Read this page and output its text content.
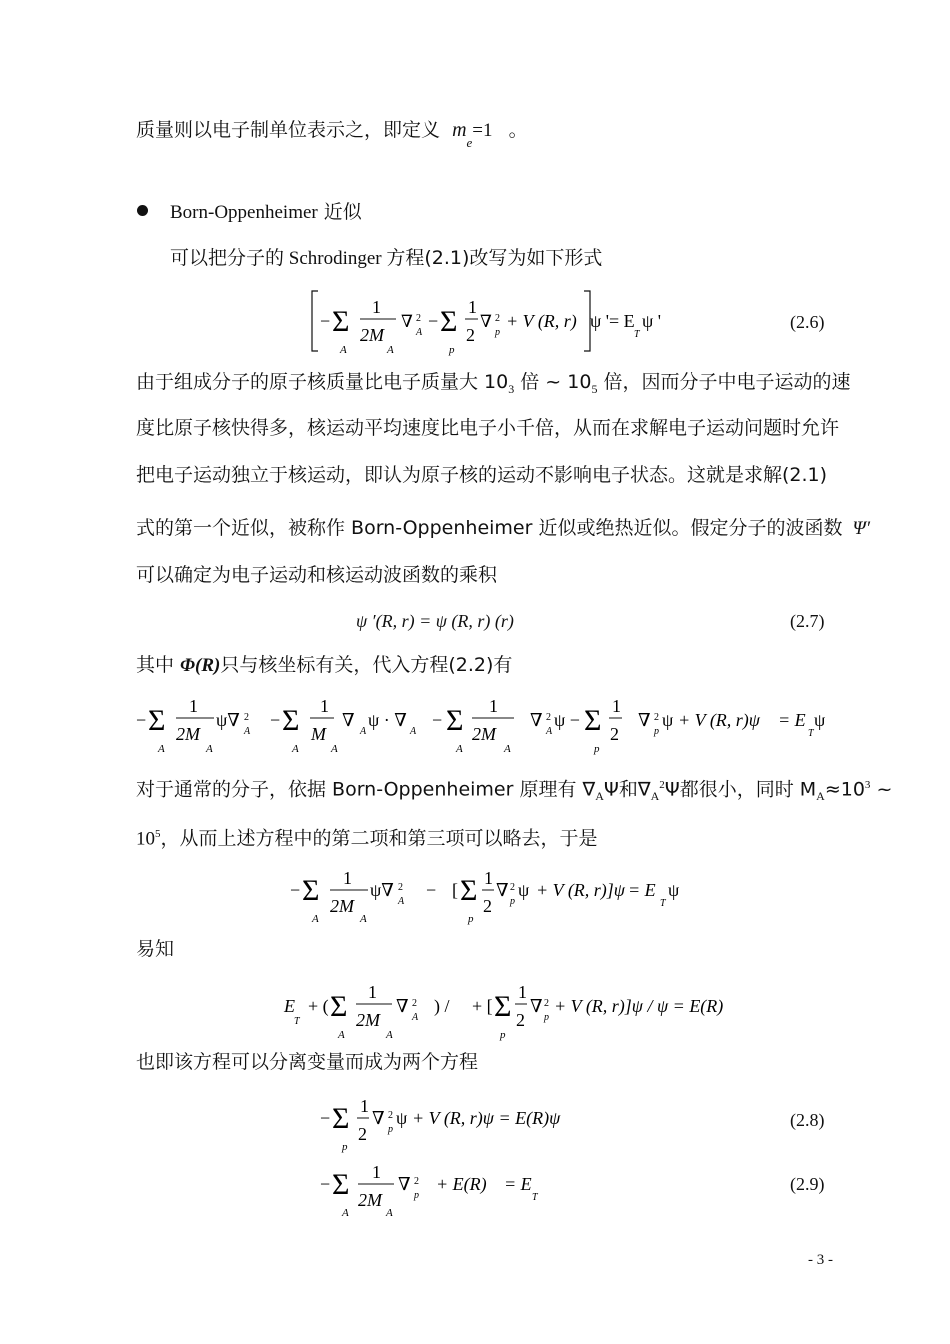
质量则以电子制单位表示之，即定义 $m_e=1$ 。
Born-Oppenheimer 近似
可以把分子的 Schrodinger 方程(2.1)改写为如下形式
− Σ
A
1
2M
A
∇ 2
A
− Σ
p
1
2
∇ 2
p
+ V (R, r) ψ '= E
T
ψ '	(2.6)
由于组成分子的原子核质量比电子质量大 $10_3$ 倍 ~ $10_5$ 倍，因而分子中电子运动的速
度比原子核快得多，核运动平均速度比电子小千倍，从而在求解电子运动问题时允许
把电子运动独立于核运动，即认为原子核的运动不影响电子状态。这就是求解(2.1)
式的第一个近似，被称作 Born-Oppenheimer 近似或绝热近似。假定分子的波函数 Ψ′
可以确定为电子运动和核运动波函数的乘积
ψ ′(R, r) = ψ (R, r) (r)	(2.7)
其中 Φ(R)只与核坐标有关，代入方程(2.2)有
− Σ
A
1
2M
A
ψ∇ 2
A
− Σ
A
1
M
A
∇
A
ψ · ∇
A
− Σ
A
1
2M
A
∇ 2
A
ψ − Σ
p
1
2
∇ 2
p
ψ + V (R, r)ψ = E
T
ψ
对于通常的分子，依据 Born-Oppenheimer 原理有 $\nabla_A\Psi$和$\nabla_A^2\Psi$都很小，同时 $M_A\approx 10^3$ ~
$10^5$，从而上述方程中的第二项和第三项可以略去，于是
− Σ
A
1
2M
A
ψ∇ 2
A
− [ Σ
p
1
2
∇ 2
p
ψ + V (R, r)]ψ = E
T
ψ
易知
E
T
+ ( Σ
A
1
2M
A
∇ 2
A
) / + [ Σ
p
1
2
∇ 2
p
+ V (R, r)]ψ / ψ = E(R)
也即该方程可以分离变量而成为两个方程
− Σ
p
1
2
∇ 2
p
ψ + V (R, r)ψ = E(R)ψ	(2.8)
− Σ
A
1
2M
A
∇ 2
p
+ E(R) = E
T
(2.9)
- 3 -
